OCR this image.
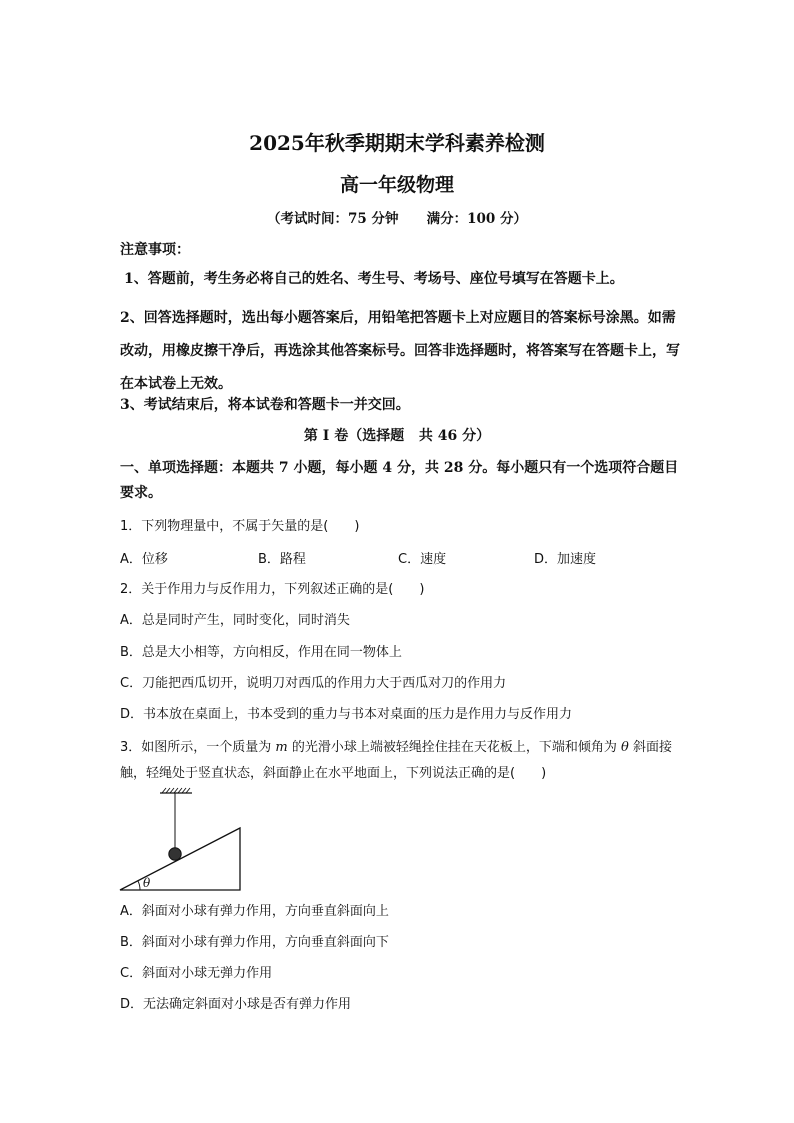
2025年秋季期期末学科素养检测
高一年级物理
（考试时间：75 分钟      满分：100 分）
注意事项：
1、答题前，考生务必将自己的姓名、考生号、考场号、座位号填写在答题卡上。
2、回答选择题时，选出每小题答案后，用铅笔把答题卡上对应题目的答案标号涂黑。如需改动，用橡皮擦干净后，再选涂其他答案标号。回答非选择题时，将答案写在答题卡上，写在本试卷上无效。
3、考试结束后，将本试卷和答题卡一并交回。
第 I 卷（选择题   共 46 分）
一、单项选择题：本题共 7 小题，每小题 4 分，共 28 分。每小题只有一个选项符合题目要求。
1．下列物理量中，不属于矢量的是(　　)
A．位移	B．路程	C．速度	D．加速度
2．关于作用力与反作用力，下列叙述正确的是(　　)
A．总是同时产生，同时变化，同时消失
B．总是大小相等，方向相反，作用在同一物体上
C．刀能把西瓜切开，说明刀对西瓜的作用力大于西瓜对刀的作用力
D．书本放在桌面上，书本受到的重力与书本对桌面的压力是作用力与反作用力
3．如图所示，一个质量为 m 的光滑小球上端被轻绳拴住挂在天花板上，下端和倾角为 θ 斜面接触，轻绳处于竖直状态，斜面静止在水平地面上，下列说法正确的是(　　)
θ
A．斜面对小球有弹力作用，方向垂直斜面向上
B．斜面对小球有弹力作用，方向垂直斜面向下
C．斜面对小球无弹力作用
D．无法确定斜面对小球是否有弹力作用
